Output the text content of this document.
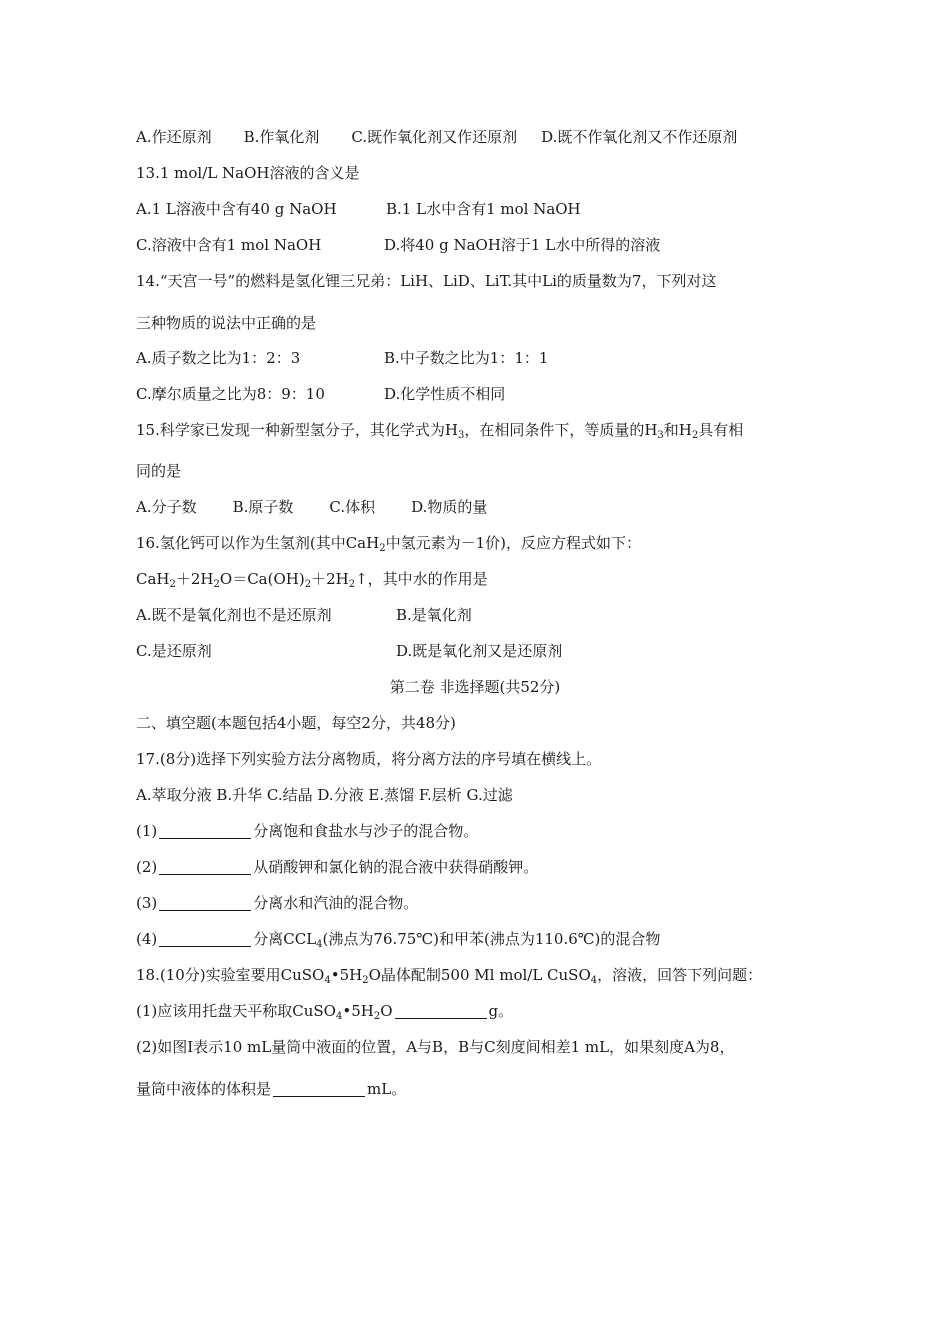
A.作还原剂 B.作氧化剂 C.既作氧化剂又作还原剂 D.既不作氧化剂又不作还原剂
13.1 mol/L NaOH溶液的含义是
A.1 L溶液中含有40 g NaOH	B.1 L水中含有1 mol NaOH
C.溶液中含有1 mol NaOH	D.将40 g NaOH溶于1 L水中所得的溶液
14.“天宫一号”的燃料是氢化锂三兄弟：LiH、LiD、LiT.其中Li的质量数为7，下列对这
三种物质的说法中正确的是
A.质子数之比为1：2：3	B.中子数之比为1：1：1
C.摩尔质量之比为8：9：10	D.化学性质不相同
15.科学家已发现一种新型氢分子，其化学式为$H_3$，在相同条件下，等质量的$H_3$和$H_2$具有相
同的是
A.分子数 B.原子数 C.体积 D.物质的量
16.氢化钙可以作为生氢剂(其中CaH$_2$中氢元素为－1价)，反应方程式如下：
$CaH_2+2H_2O=Ca(OH)_2+2H_2↑$，其中水的作用是
A.既不是氧化剂也不是还原剂	B.是氧化剂
C.是还原剂	D.既是氧化剂又是还原剂
第二卷 非选择题(共52分)
二、填空题(本题包括4小题，每空2分，共48分)
17.(8分)选择下列实验方法分离物质，将分离方法的序号填在横线上。
A.萃取分液 B.升华 C.结晶 D.分液 E.蒸馏 F.层析 G.过滤
(1)	分离饱和食盐水与沙子的混合物。
(2)	从硝酸钾和氯化钠的混合液中获得硝酸钾。
(3)	分离水和汽油的混合物。
(4)	分离$CCL_4$(沸点为76.75℃)和甲苯(沸点为110.6℃)的混合物
18.(10分)实验室要用$CuSO_4•5H_2O$晶体配制500 Ml mol/L CuSO$_4$，溶液，回答下列问题：
(1)应该用托盘天平称取$CuSO_4•5H_2O$	g。
(2)如图Ⅰ表示10 mL量筒中液面的位置，A与B，B与C刻度间相差1 mL，如果刻度A为8，
量筒中液体的体积是	mL。
